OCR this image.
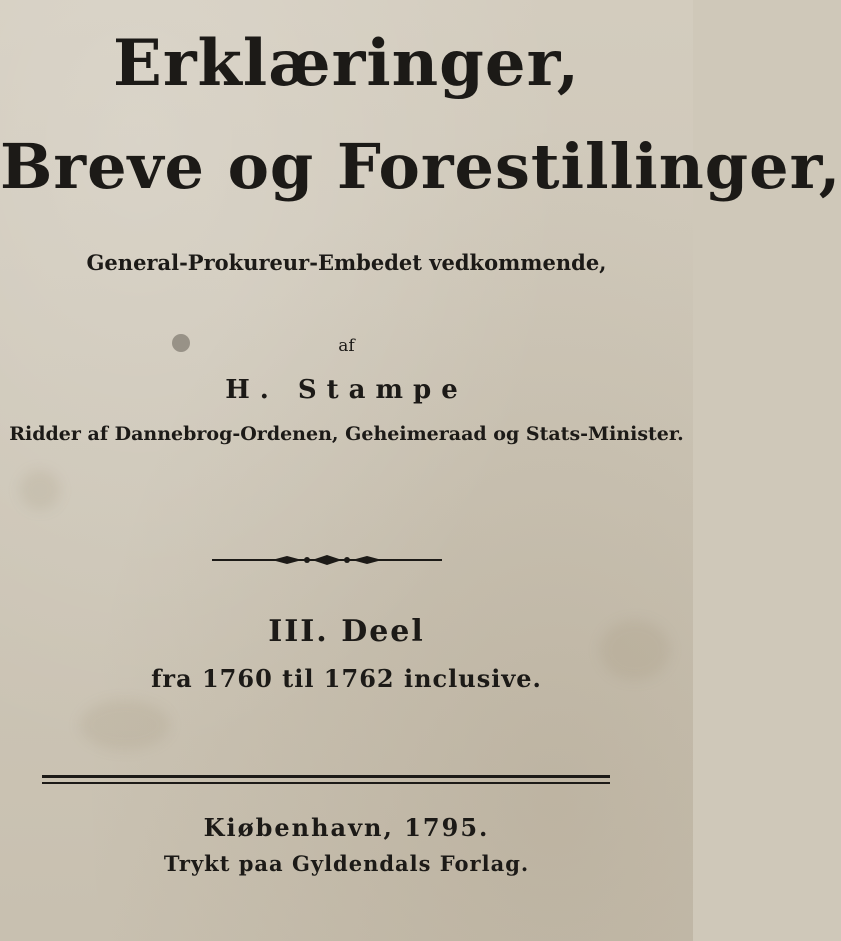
Erklæringer,
Breve og Forestillinger,
General-Prokureur-Embedet vedkommende,
af
H. Stampe
Ridder af Dannebrog-Ordenen, Geheimeraad og Stats-Minister.
III. Deel
fra 1760 til 1762 inclusive.
Kiøbenhavn, 1795.
Trykt paa Gyldendals Forlag.
